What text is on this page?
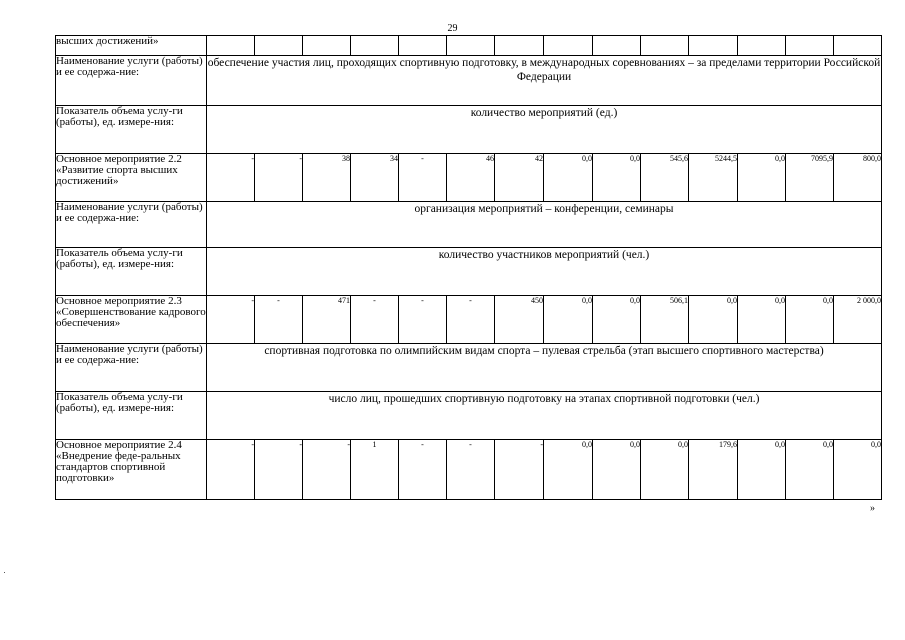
29
высших достижений»														
Наименование услуги (работы) и ее содержа-ние:	обеспечение участия лиц, проходящих спортивную подготовку, в международных соревнованиях – за пределами территории Российской Федерации													
Показатель объема услу-ги (работы), ед. измере-ния:	количество мероприятий (ед.)													
Основное мероприятие 2.2 «Развитие спорта высших достижений»	-	-	38	34	-	46	42	0,0	0,0	545,6	5244,5	0,0	7095,9	800,0
Наименование услуги (работы) и ее содержа-ние:	организация мероприятий – конференции, семинары													
Показатель объема услу-ги (работы), ед. измере-ния:	количество участников мероприятий (чел.)													
Основное мероприятие 2.3 «Совершенствование кадрового обеспечения»	-	-	471	-	-	-	450	0,0	0,0	506,1	0,0	0,0	0,0	2 000,0
Наименование услуги (работы) и ее содержа-ние:	спортивная подготовка по олимпийским видам спорта – пулевая стрельба (этап высшего спортивного мастерства)													
Показатель объема услу-ги (работы), ед. измере-ния:	число лиц, прошедших спортивную подготовку на этапах спортивной подготовки (чел.)													
Основное мероприятие 2.4 «Внедрение феде-ральных стандартов спортивной подготовки»	-	-	-	1	-	-	-	0,0	0,0	0,0	179,6	0,0	0,0	0,0
»
